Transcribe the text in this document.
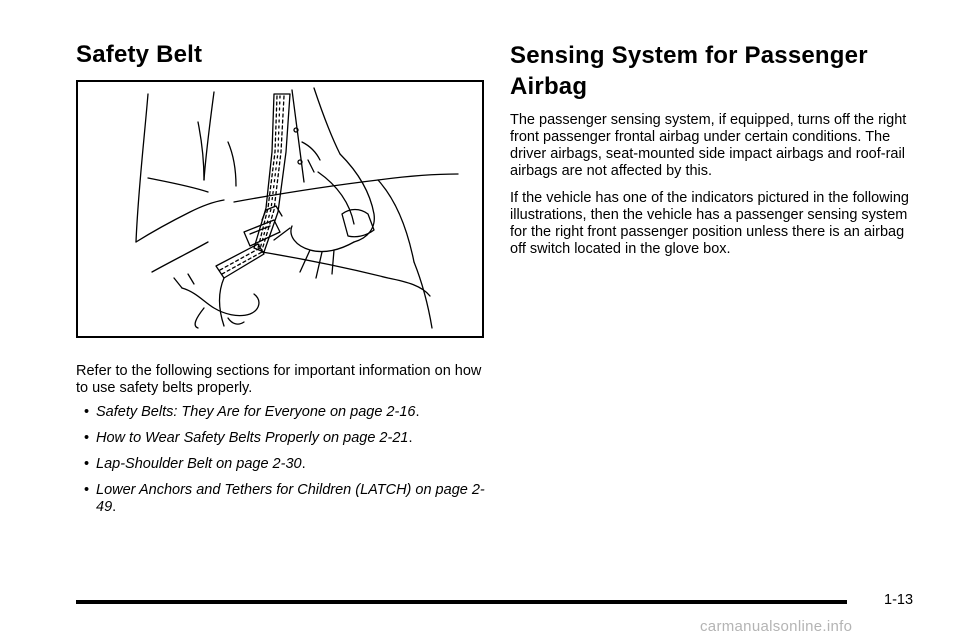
Safety Belt

Refer to the following sections for important information on how to use safety belts properly.

• Safety Belts: They Are for Everyone on page 2-16.
• How to Wear Safety Belts Properly on page 2-21.
• Lap-Shoulder Belt on page 2-30.
• Lower Anchors and Tethers for Children (LATCH) on page 2-49.
Sensing System for Passenger Airbag

The passenger sensing system, if equipped, turns off the right front passenger frontal airbag under certain conditions. The driver airbags, seat-mounted side impact airbags and roof-rail airbags are not affected by this.

If the vehicle has one of the indicators pictured in the following illustrations, then the vehicle has a passenger sensing system for the right front passenger position unless there is an airbag off switch located in the glove box.

1-13
carmanualsonline.info
